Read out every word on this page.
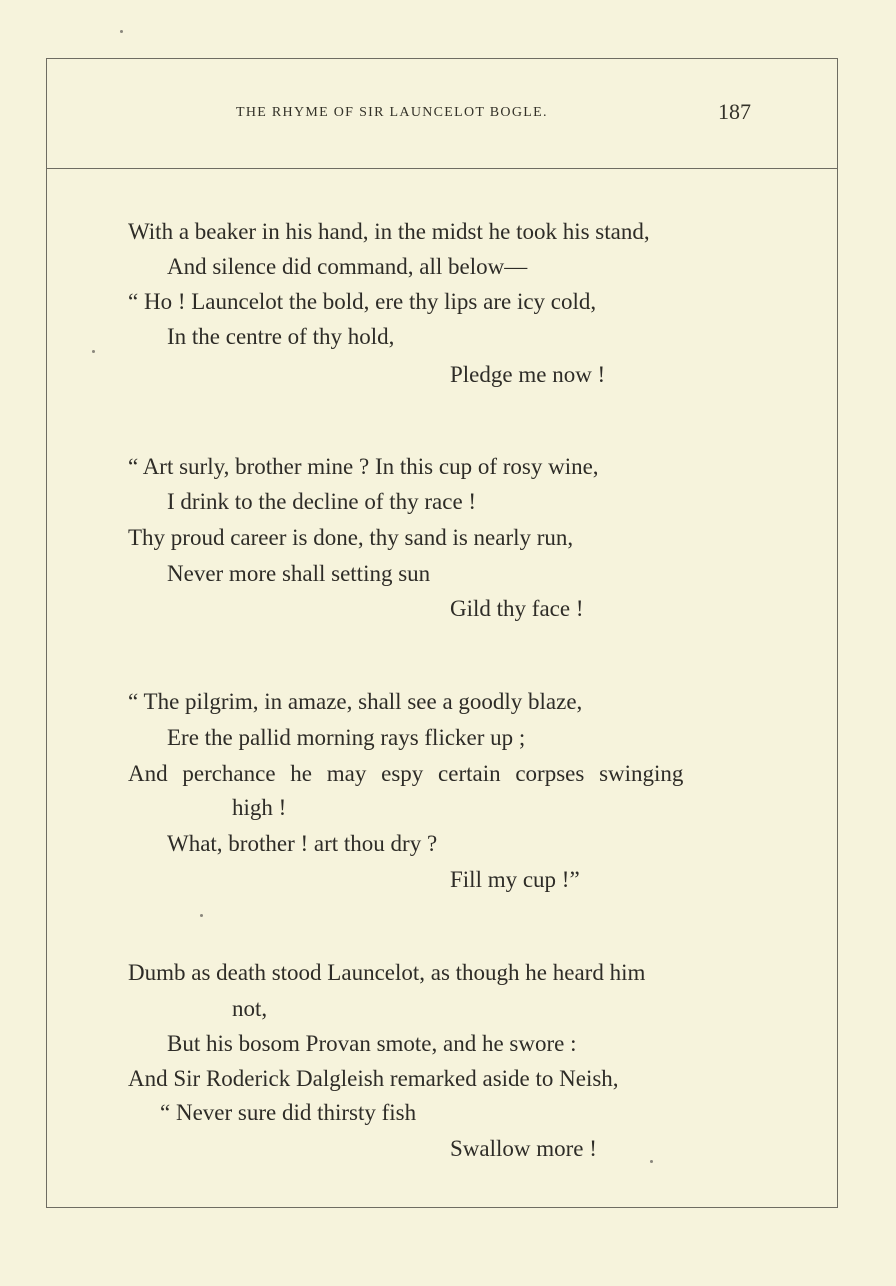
THE RHYME OF SIR LAUNCELOT BOGLE.	187
With a beaker in his hand, in the midst he took his stand,
And silence did command, all below—
“ Ho ! Launcelot the bold, ere thy lips are icy cold,
In the centre of thy hold,
Pledge me now !
“ Art surly, brother mine ? In this cup of rosy wine,
I drink to the decline of thy race !
Thy proud career is done, thy sand is nearly run,
Never more shall setting sun
Gild thy face !
“ The pilgrim, in amaze, shall see a goodly blaze,
Ere the pallid morning rays flicker up ;
And perchance he may espy certain corpses swinging
high !
What, brother ! art thou dry ?
Fill my cup !”
Dumb as death stood Launcelot, as though he heard him
not,
But his bosom Provan smote, and he swore :
And Sir Roderick Dalgleish remarked aside to Neish,
“ Never sure did thirsty fish
Swallow more !
